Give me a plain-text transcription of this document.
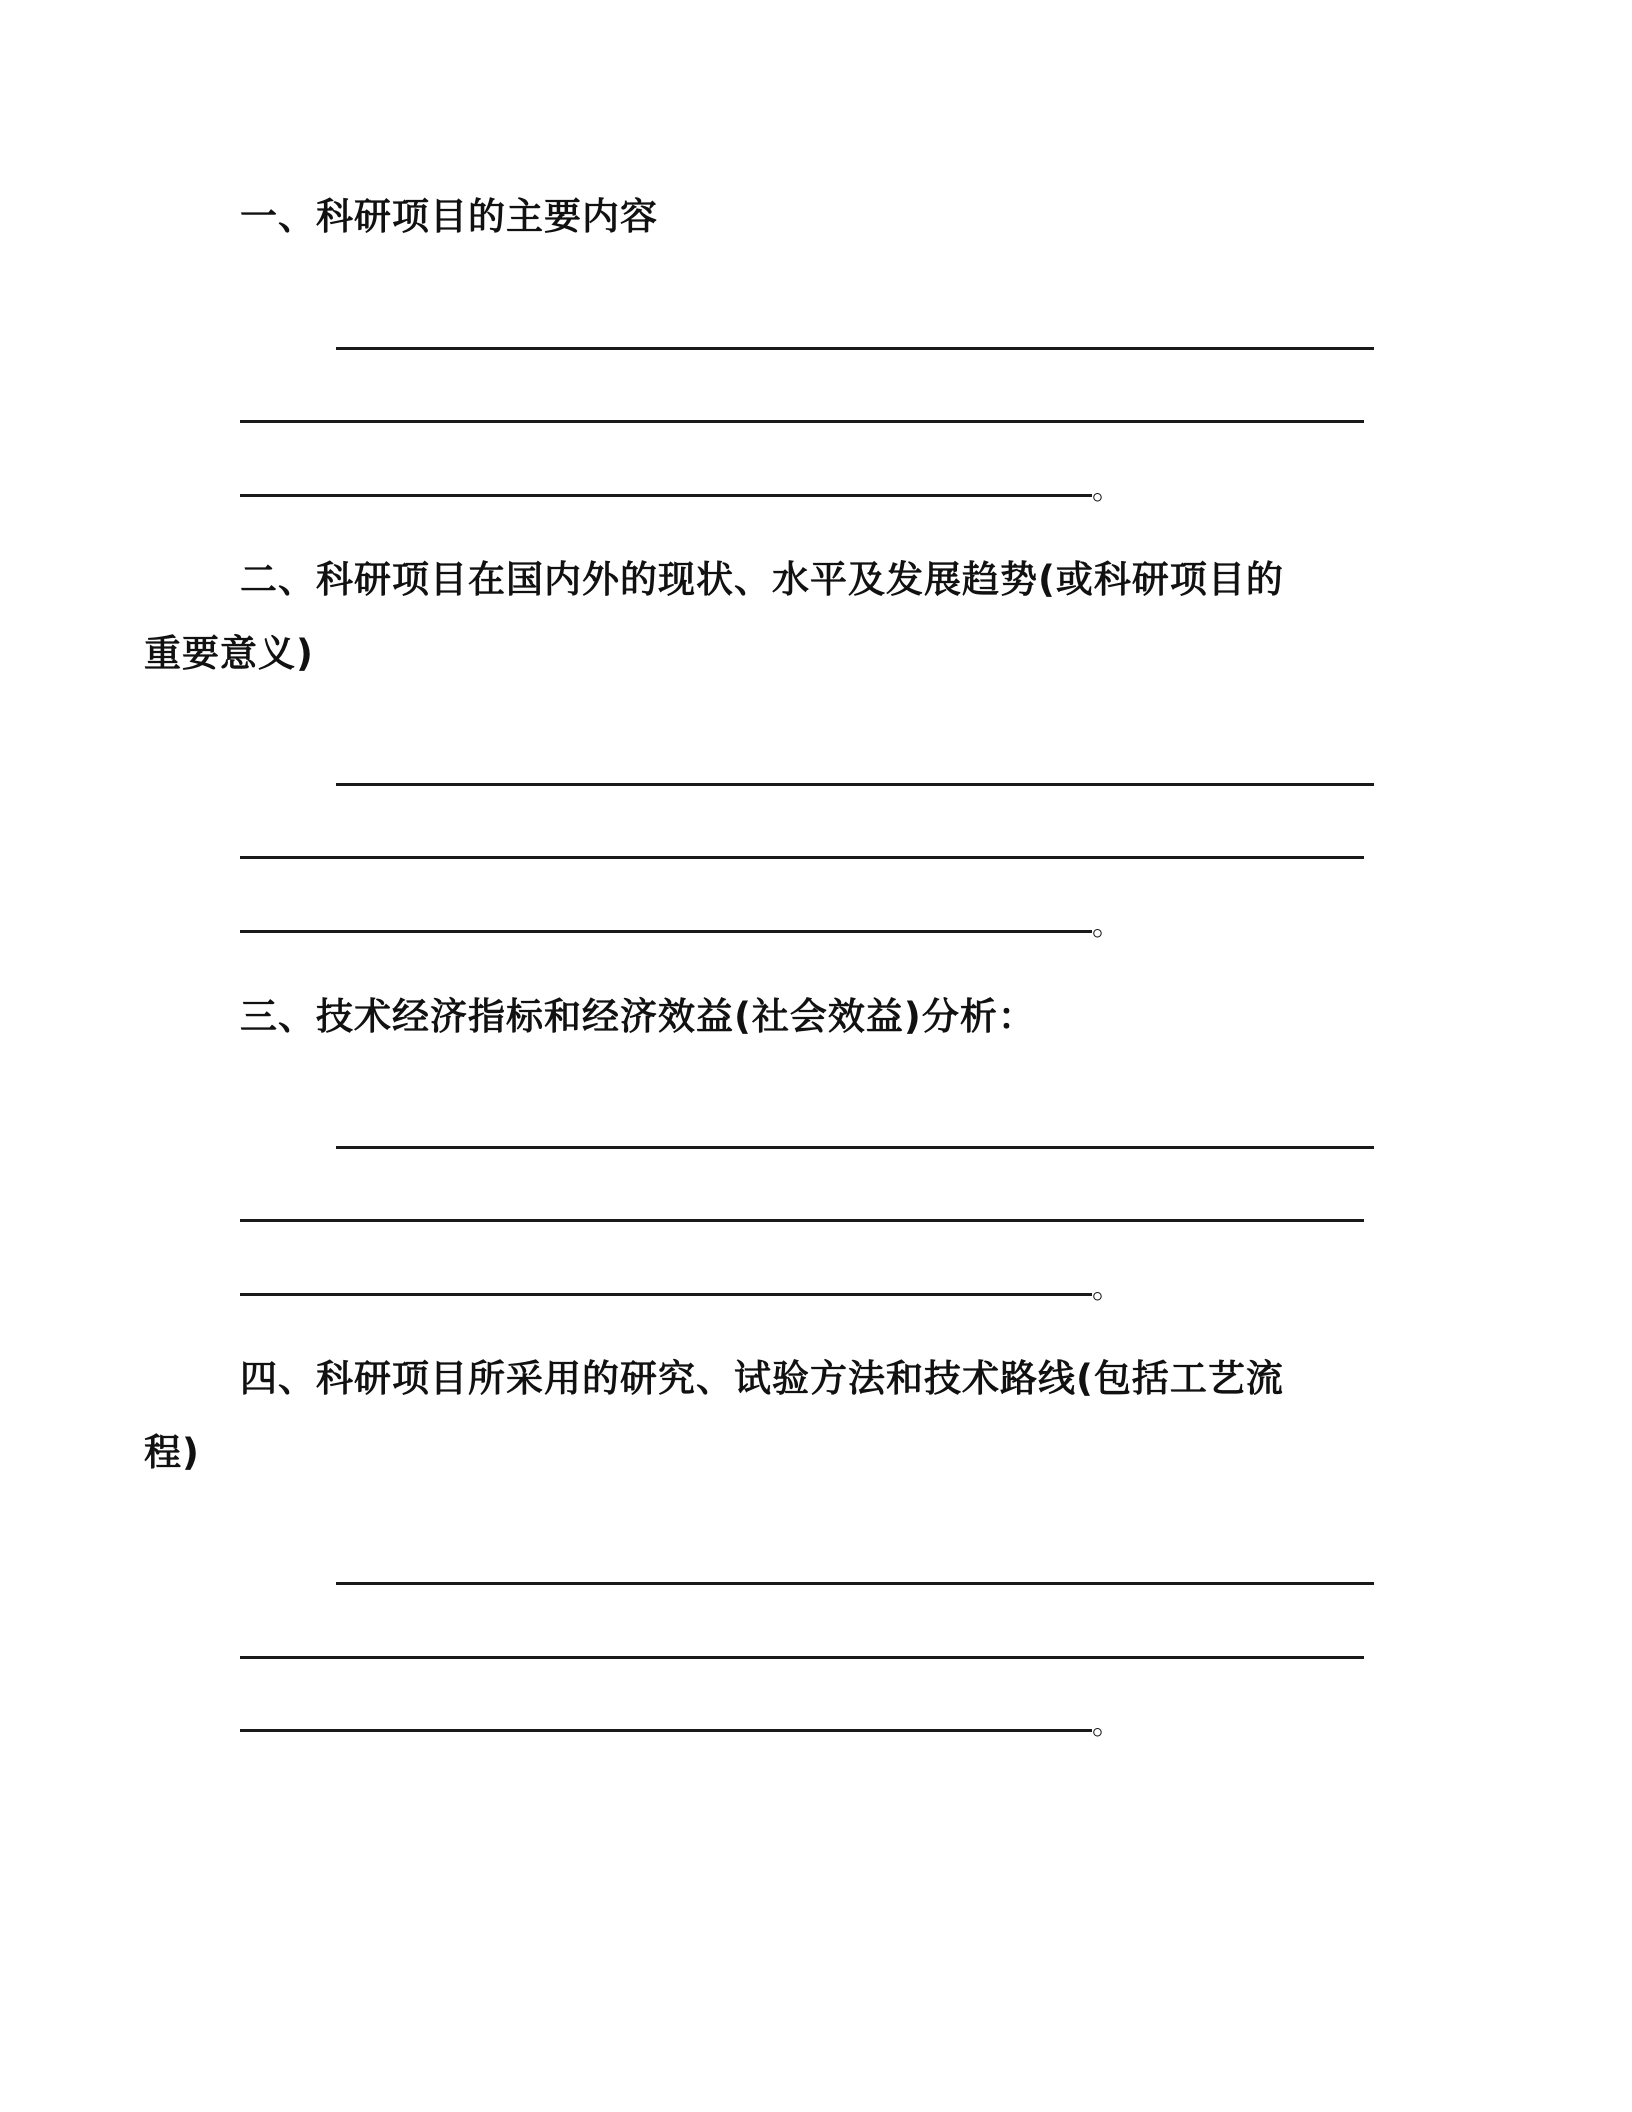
一、科研项目的主要内容
。
二、科研项目在国内外的现状、水平及发展趋势(或科研项目的
重要意义)
。
三、技术经济指标和经济效益(社会效益)分析：
。
四、科研项目所采用的研究、试验方法和技术路线(包括工艺流
程)
。
